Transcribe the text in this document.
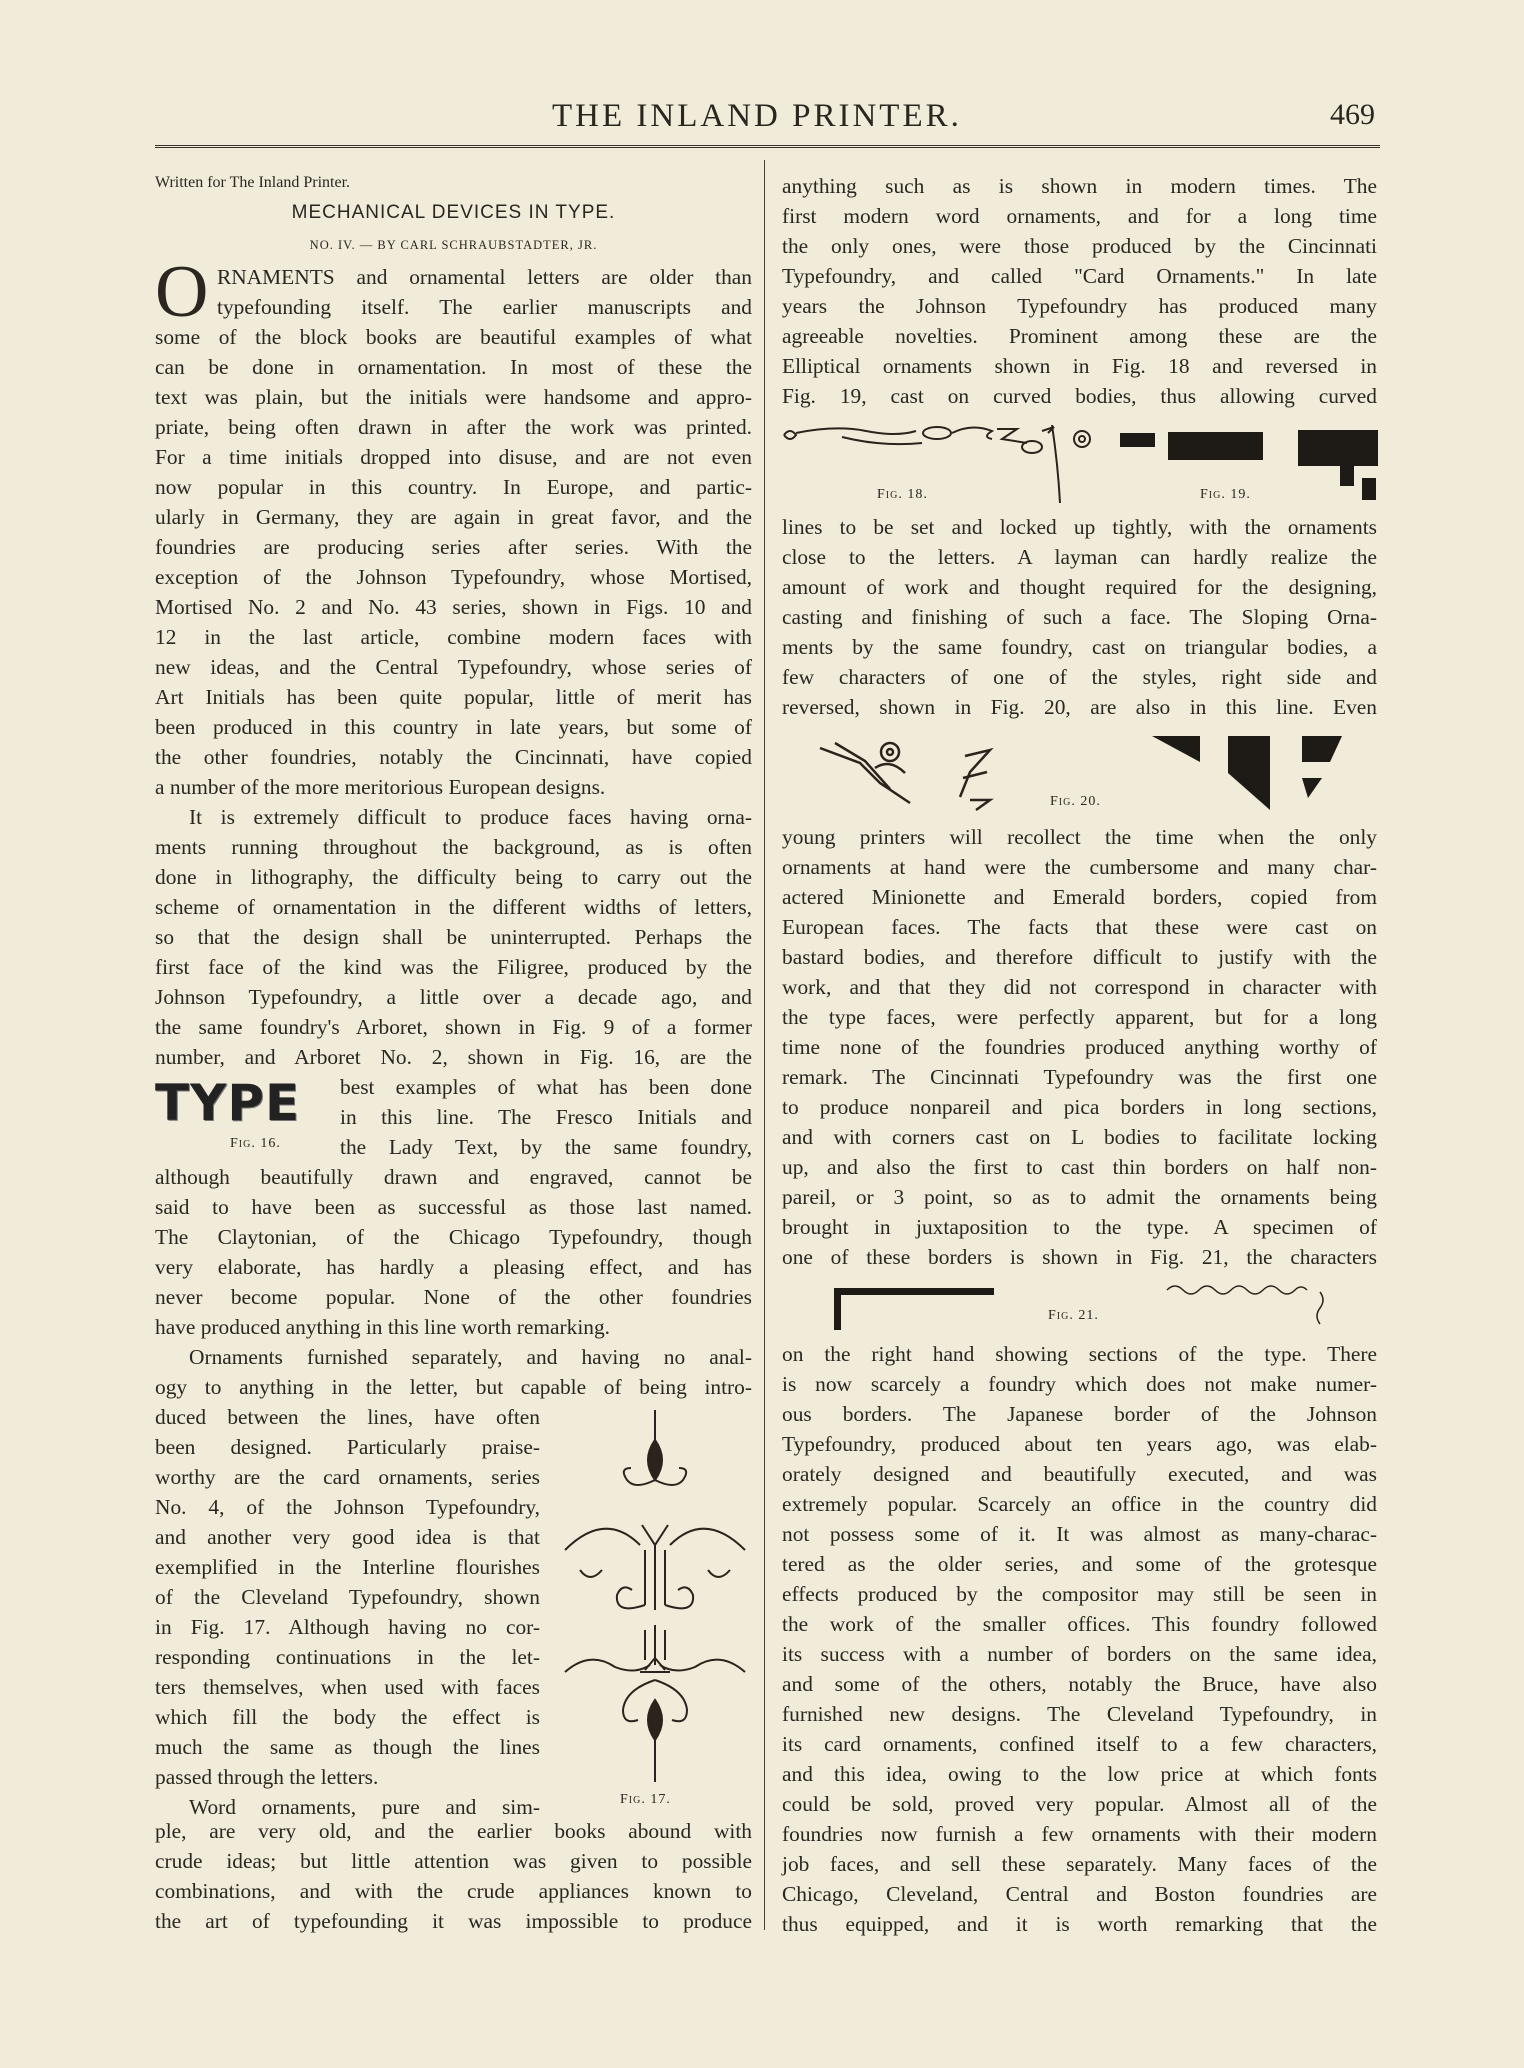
THE INLAND PRINTER.	469
Written for The Inland Printer.
MECHANICAL DEVICES IN TYPE.
NO. IV. — BY CARL SCHRAUBSTADTER, JR.
O RNAMENTS and ornamental letters are older than
typefounding itself. The earlier manuscripts and
some of the block books are beautiful examples of what
can be done in ornamentation. In most of these the
text was plain, but the initials were handsome and appro-
priate, being often drawn in after the work was printed.
For a time initials dropped into disuse, and are not even
now popular in this country. In Europe, and partic-
ularly in Germany, they are again in great favor, and the
foundries are producing series after series. With the
exception of the Johnson Typefoundry, whose Mortised,
Mortised No. 2 and No. 43 series, shown in Figs. 10 and
12 in the last article, combine modern faces with
new ideas, and the Central Typefoundry, whose series of
Art Initials has been quite popular, little of merit has
been produced in this country in late years, but some of
the other foundries, notably the Cincinnati, have copied
a number of the more meritorious European designs.
It is extremely difficult to produce faces having orna-
ments running throughout the background, as is often
done in lithography, the difficulty being to carry out the
scheme of ornamentation in the different widths of letters,
so that the design shall be uninterrupted. Perhaps the
first face of the kind was the Filigree, produced by the
Johnson Typefoundry, a little over a decade ago, and
the same foundry's Arboret, shown in Fig. 9 of a former
number, and Arboret No. 2, shown in Fig. 16, are the
TYPE
Fig. 16.
best examples of what has been done
in this line. The Fresco Initials and
the Lady Text, by the same foundry,
although beautifully drawn and engraved, cannot be
said to have been as successful as those last named.
The Claytonian, of the Chicago Typefoundry, though
very elaborate, has hardly a pleasing effect, and has
never become popular. None of the other foundries
have produced anything in this line worth remarking.
Ornaments furnished separately, and having no anal-
ogy to anything in the letter, but capable of being intro-
duced between the lines, have often
been designed. Particularly praise-
worthy are the card ornaments, series
No. 4, of the Johnson Typefoundry,
and another very good idea is that
exemplified in the Interline flourishes
of the Cleveland Typefoundry, shown
in Fig. 17. Although having no cor-
responding continuations in the let-
ters themselves, when used with faces
which fill the body the effect is
much the same as though the lines
passed through the letters.
Word ornaments, pure and sim-	Fig. 17.
ple, are very old, and the earlier books abound with
crude ideas; but little attention was given to possible
combinations, and with the crude appliances known to
the art of typefounding it was impossible to produce
anything such as is shown in modern times. The
first modern word ornaments, and for a long time
the only ones, were those produced by the Cincinnati
Typefoundry, and called "Card Ornaments." In late
years the Johnson Typefoundry has produced many
agreeable novelties. Prominent among these are the
Elliptical ornaments shown in Fig. 18 and reversed in
Fig. 19, cast on curved bodies, thus allowing curved
Fig. 18.	Fig. 19.
lines to be set and locked up tightly, with the ornaments
close to the letters. A layman can hardly realize the
amount of work and thought required for the designing,
casting and finishing of such a face. The Sloping Orna-
ments by the same foundry, cast on triangular bodies, a
few characters of one of the styles, right side and
reversed, shown in Fig. 20, are also in this line. Even
Fig. 20.
young printers will recollect the time when the only
ornaments at hand were the cumbersome and many char-
actered Minionette and Emerald borders, copied from
European faces. The facts that these were cast on
bastard bodies, and therefore difficult to justify with the
work, and that they did not correspond in character with
the type faces, were perfectly apparent, but for a long
time none of the foundries produced anything worthy of
remark. The Cincinnati Typefoundry was the first one
to produce nonpareil and pica borders in long sections,
and with corners cast on L bodies to facilitate locking
up, and also the first to cast thin borders on half non-
pareil, or 3 point, so as to admit the ornaments being
brought in juxtaposition to the type. A specimen of
one of these borders is shown in Fig. 21, the characters
Fig. 21.
on the right hand showing sections of the type. There
is now scarcely a foundry which does not make numer-
ous borders. The Japanese border of the Johnson
Typefoundry, produced about ten years ago, was elab-
orately designed and beautifully executed, and was
extremely popular. Scarcely an office in the country did
not possess some of it. It was almost as many-charac-
tered as the older series, and some of the grotesque
effects produced by the compositor may still be seen in
the work of the smaller offices. This foundry followed
its success with a number of borders on the same idea,
and some of the others, notably the Bruce, have also
furnished new designs. The Cleveland Typefoundry, in
its card ornaments, confined itself to a few characters,
and this idea, owing to the low price at which fonts
could be sold, proved very popular. Almost all of the
foundries now furnish a few ornaments with their modern
job faces, and sell these separately. Many faces of the
Chicago, Cleveland, Central and Boston foundries are
thus equipped, and it is worth remarking that the
